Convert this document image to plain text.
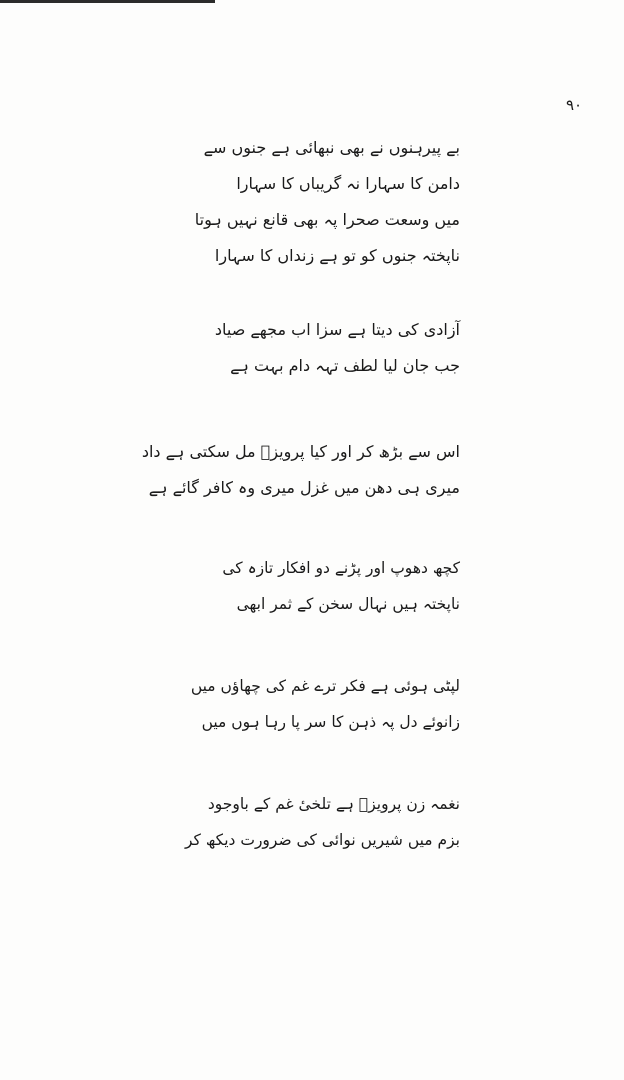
۹۰
بے پیرہنوں نے بھی نبھائی ہے جنوں سے
دامن کا سہارا نہ گریباں کا سہارا
میں وسعت صحرا پہ بھی قانع نہیں ہوتا
ناپختہ جنوں کو تو ہے زنداں کا سہارا
آزادی کی دیتا ہے سزا اب مجھے صیاد
جب جان لیا لطف تہہ دام بہت ہے
اس سے بڑھ کر اور کیا پرویزؔ مل سکتی ہے داد
میری ہی دھن میں غزل میری وہ کافر گائے ہے
کچھ دھوپ اور پڑنے دو افکار تازہ کی
ناپختہ ہیں نہال سخن کے ثمر ابھی
لپٹی ہوئی ہے فکر ترے غم کی چھاؤں میں
زانوئے دل پہ ذہن کا سر پا رہا ہوں میں
نغمہ زن پرویزؔ ہے تلخیٔ غم کے باوجود
بزم میں شیریں نوائی کی ضرورت دیکھ کر
